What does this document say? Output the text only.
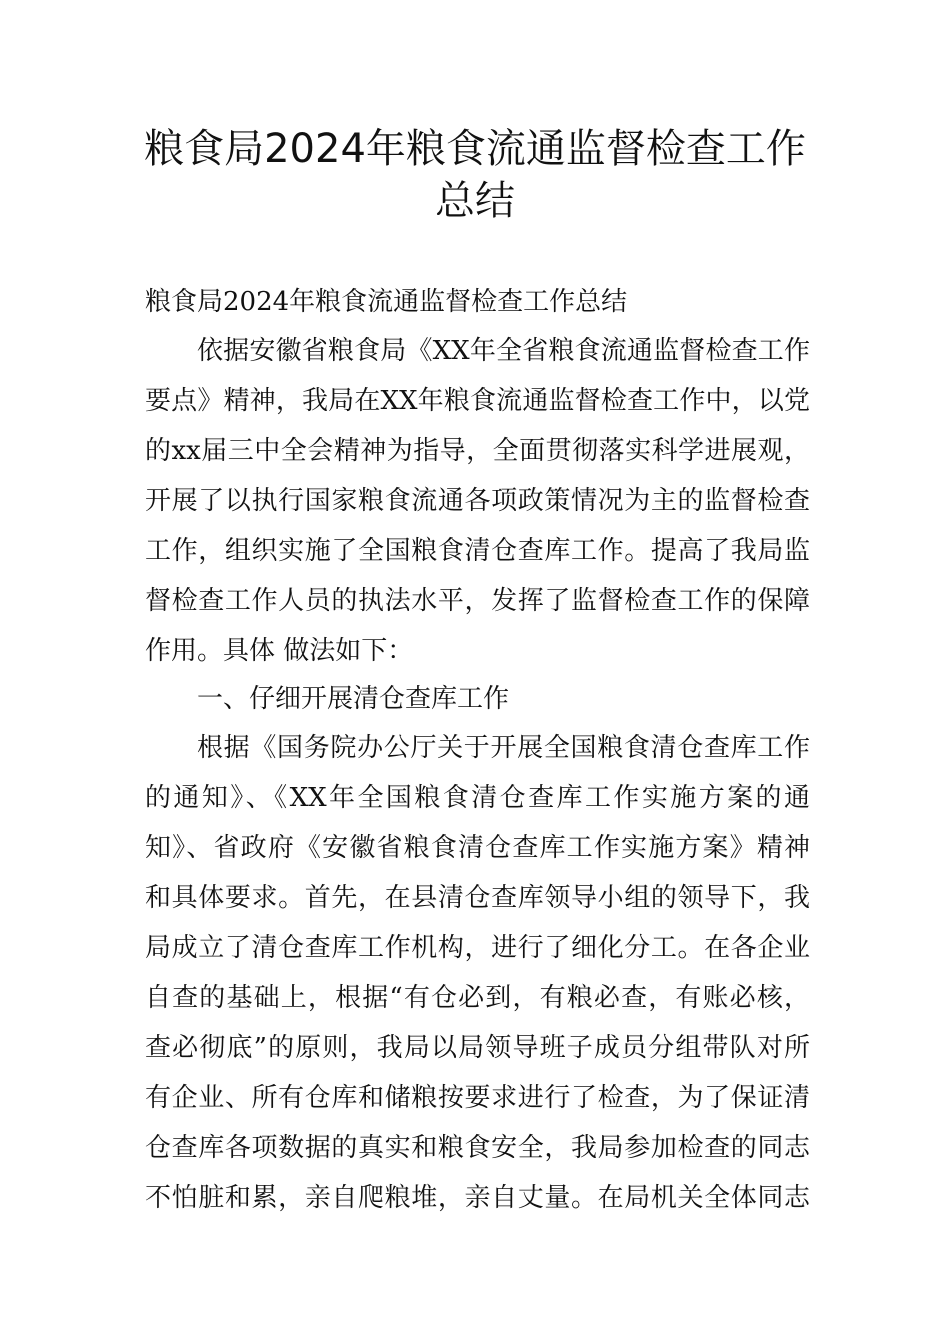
粮食局2024年粮食流通监督检查工作
总结
粮食局2024年粮食流通监督检查工作总结
依据安徽省粮食局《XX年全省粮食流通监督检查工作
要点》精神，我局在XX年粮食流通监督检查工作中，以党
的xx届三中全会精神为指导，全面贯彻落实科学进展观，
开展了以执行国家粮食流通各项政策情况为主的监督检查
工作，组织实施了全国粮食清仓查库工作。提高了我局监
督检查工作人员的执法水平，发挥了监督检查工作的保障
作用。具体 做法如下：
一、仔细开展清仓查库工作
根据《国务院办公厅关于开展全国粮食清仓查库工作
的通知》、《XX年全国粮食清仓查库工作实施方案的通
知》、省政府《安徽省粮食清仓查库工作实施方案》精神
和具体要求。首先，在县清仓查库领导小组的领导下，我
局成立了清仓查库工作机构，进行了细化分工。在各企业
自查的基础上，根据“有仓必到，有粮必查，有账必核，
查必彻底”的原则，我局以局领导班子成员分组带队对所
有企业、所有仓库和储粮按要求进行了检查，为了保证清
仓查库各项数据的真实和粮食安全，我局参加检查的同志
不怕脏和累，亲自爬粮堆，亲自丈量。在局机关全体同志
